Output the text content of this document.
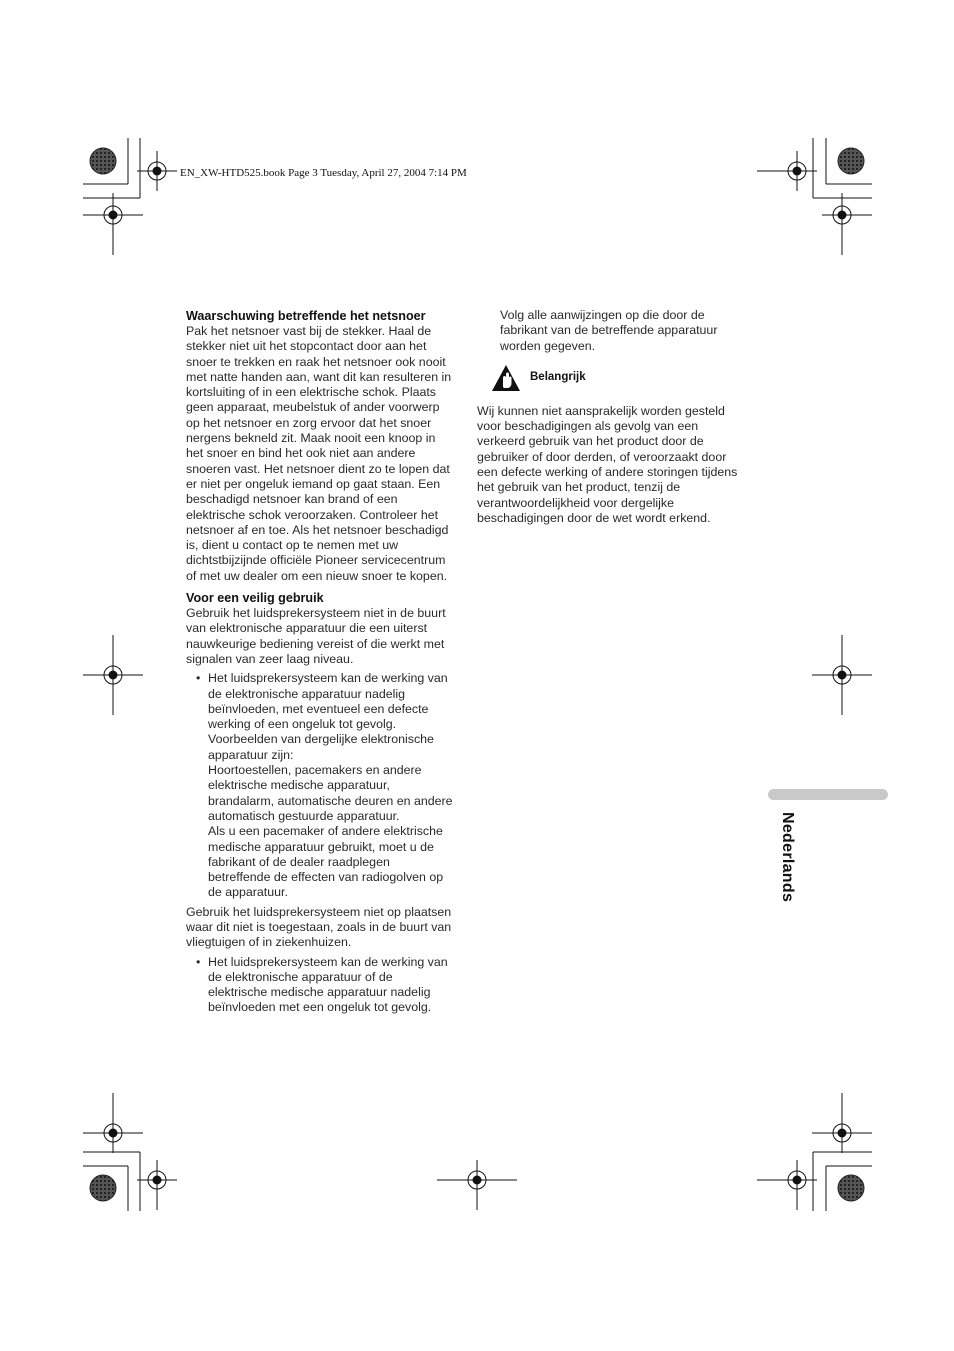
EN_XW-HTD525.book Page 3 Tuesday, April 27, 2004 7:14 PM
Waarschuwing betreffende het netsnoer

Pak het netsnoer vast bij de stekker. Haal de stekker niet uit het stopcontact door aan het snoer te trekken en raak het netsnoer ook nooit met natte handen aan, want dit kan resulteren in kortsluiting of in een elektrische schok. Plaats geen apparaat, meubelstuk of ander voorwerp op het netsnoer en zorg ervoor dat het snoer nergens bekneld zit. Maak nooit een knoop in het snoer en bind het ook niet aan andere snoeren vast. Het netsnoer dient zo te lopen dat er niet per ongeluk iemand op gaat staan. Een beschadigd netsnoer kan brand of een elektrische schok veroorzaken. Controleer het netsnoer af en toe. Als het netsnoer beschadigd is, dient u contact op te nemen met uw dichtstbijzijnde officiële Pioneer servicecentrum of met uw dealer om een nieuw snoer te kopen.

Voor een veilig gebruik

Gebruik het luidsprekersysteem niet in de buurt van elektronische apparatuur die een uiterst nauwkeurige bediening vereist of die werkt met signalen van zeer laag niveau.

• Het luidsprekersysteem kan de werking van de elektronische apparatuur nadelig beïnvloeden, met eventueel een defecte werking of een ongeluk tot gevolg. Voorbeelden van dergelijke elektronische apparatuur zijn:
Hoortoestellen, pacemakers en andere elektrische medische apparatuur, brandalarm, automatische deuren en andere automatisch gestuurde apparatuur.
Als u een pacemaker of andere elektrische medische apparatuur gebruikt, moet u de fabrikant of de dealer raadplegen betreffende de effecten van radiogolven op de apparatuur.

Gebruik het luidsprekersysteem niet op plaatsen waar dit niet is toegestaan, zoals in de buurt van vliegtuigen of in ziekenhuizen.

• Het luidsprekersysteem kan de werking van de elektronische apparatuur of de elektrische medische apparatuur nadelig beïnvloeden met een ongeluk tot gevolg.

Volg alle aanwijzingen op die door de fabrikant van de betreffende apparatuur worden gegeven.

Belangrijk

Wij kunnen niet aansprakelijk worden gesteld voor beschadigingen als gevolg van een verkeerd gebruik van het product door de gebruiker of door derden, of veroorzaakt door een defecte werking of andere storingen tijdens het gebruik van het product, tenzij de verantwoordelijkheid voor dergelijke beschadigingen door de wet wordt erkend.

Nederlands
